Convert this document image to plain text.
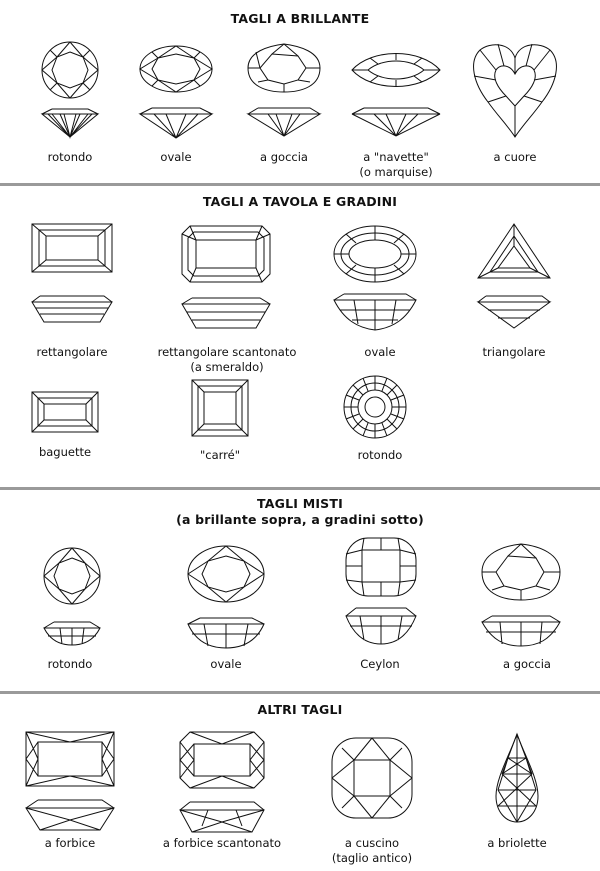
TAGLI A BRILLANTE
TAGLI A TAVOLA E GRADINI
TAGLI MISTI
(a brillante sopra, a gradini sotto)
ALTRI TAGLI
rotondo	ovale	a goccia	a "navette"
(o marquise)
a cuore
rettangolare	rettangolare scantonato
(a smeraldo)
ovale	triangolare
baguette	"carré"	rotondo
rotondo	ovale	Ceylon	a goccia
a forbice	a forbice scantonato	a cuscino
(taglio antico)
a briolette
